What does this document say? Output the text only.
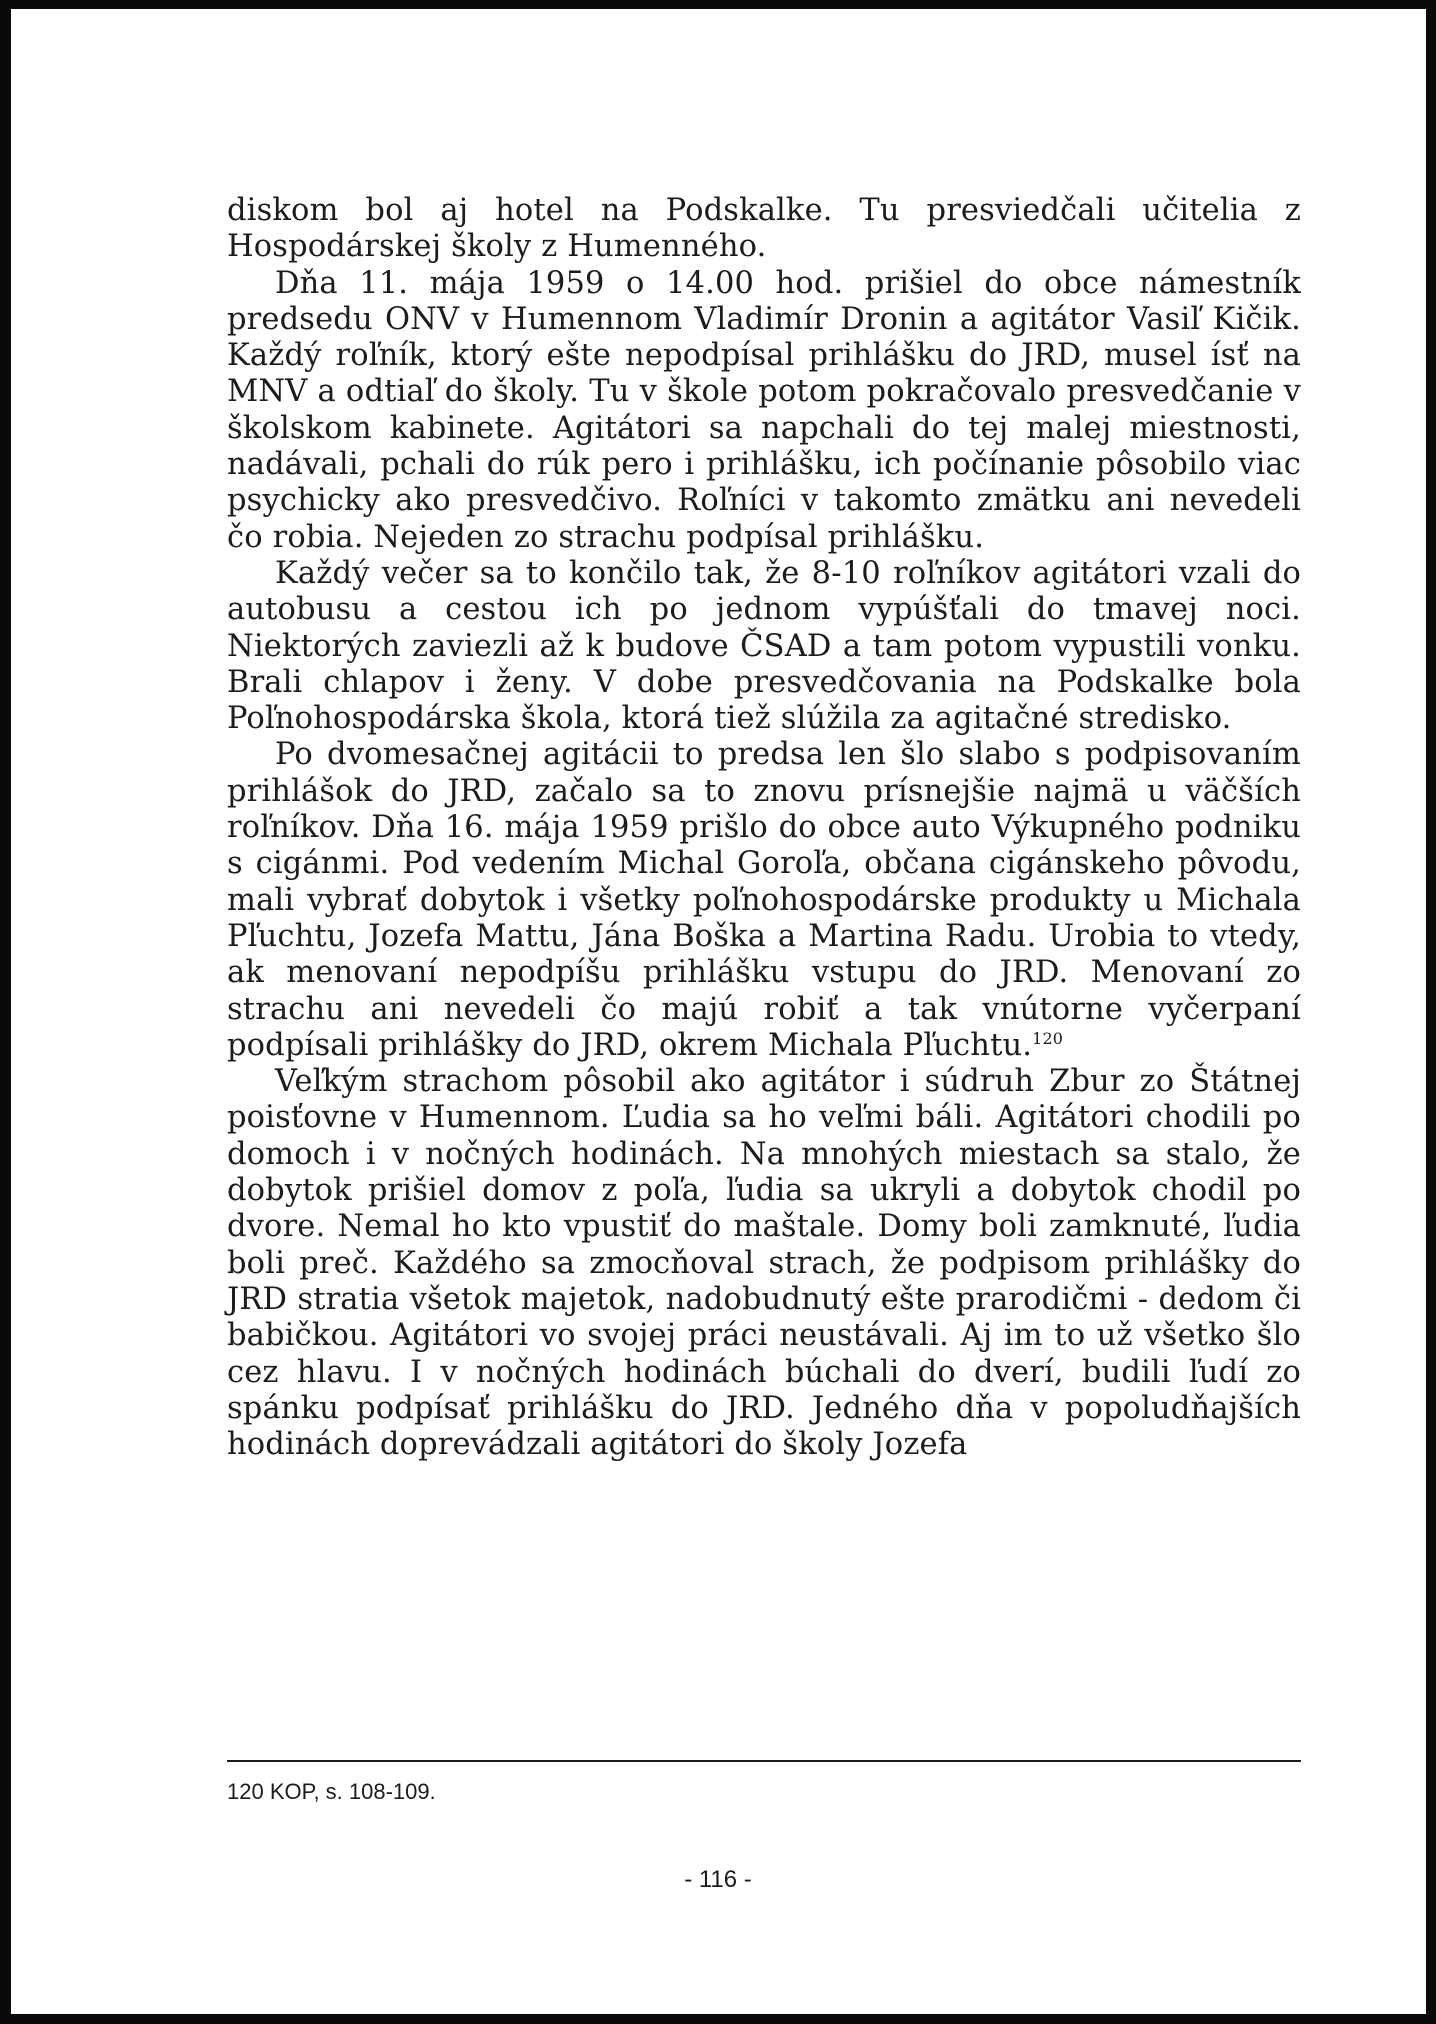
diskom bol aj hotel na Podskalke. Tu presviedčali učitelia z Hospodárskej školy z Humenného.

Dňa 11. mája 1959 o 14.00 hod. prišiel do obce námestník predsedu ONV v Humennom Vladimír Dronin a agitátor Vasiľ Kičik. Každý roľník, ktorý ešte nepodpísal prihlášku do JRD, musel ísť na MNV a odtiaľ do školy. Tu v škole potom pokračovalo presvedčanie v školskom kabinete. Agitátori sa napchali do tej malej miestnosti, nadávali, pchali do rúk pero i prihlášku, ich počínanie pôsobilo viac psychicky ako presvedčivo. Roľníci v takomto zmätku ani nevedeli čo robia. Nejeden zo strachu podpísal prihlášku.

Každý večer sa to končilo tak, že 8-10 roľníkov agitátori vzali do autobusu a cestou ich po jednom vypúšťali do tmavej noci. Niektorých zaviezli až k budove ČSAD a tam potom vypustili vonku. Brali chlapov i ženy. V dobe presvedčovania na Podskalke bola Poľnohospodárska škola, ktorá tiež slúžila za agitačné stredisko.

Po dvomesačnej agitácii to predsa len šlo slabo s podpisovaním prihlášok do JRD, začalo sa to znovu prísnejšie najmä u väčších roľníkov. Dňa 16. mája 1959 prišlo do obce auto Výkupného podniku s cigánmi. Pod vedením Michal Goroľa, občana cigánskeho pôvodu, mali vybrať dobytok i všetky poľnohospodárske produkty u Michala Pľuchtu, Jozefa Mattu, Jána Boška a Martina Radu. Urobia to vtedy, ak menovaní nepodpíšu prihlášku vstupu do JRD. Menovaní zo strachu ani nevedeli čo majú robiť a tak vnútorne vyčerpaní podpísali prihlášky do JRD, okrem Michala Pľuchtu.$^{120}$

Veľkým strachom pôsobil ako agitátor i súdruh Zbur zo Štátnej poisťovne v Humennom. Ľudia sa ho veľmi báli. Agitátori chodili po domoch i v nočných hodinách. Na mnohých miestach sa stalo, že dobytok prišiel domov z poľa, ľudia sa ukryli a dobytok chodil po dvore. Nemal ho kto vpustiť do maštale. Domy boli zamknuté, ľudia boli preč. Každého sa zmocňoval strach, že podpisom prihlášky do JRD stratia všetok majetok, nadobudnutý ešte prarodičmi - dedom či babičkou. Agitátori vo svojej práci neustávali. Aj im to už všetko šlo cez hlavu. I v nočných hodinách búchali do dverí, budili ľudí zo spánku podpísať prihlášku do JRD. Jedného dňa v popoludňajších hodinách doprevádzali agitátori do školy Jozefa

120 KOP, s. 108-109.
- 116 -
